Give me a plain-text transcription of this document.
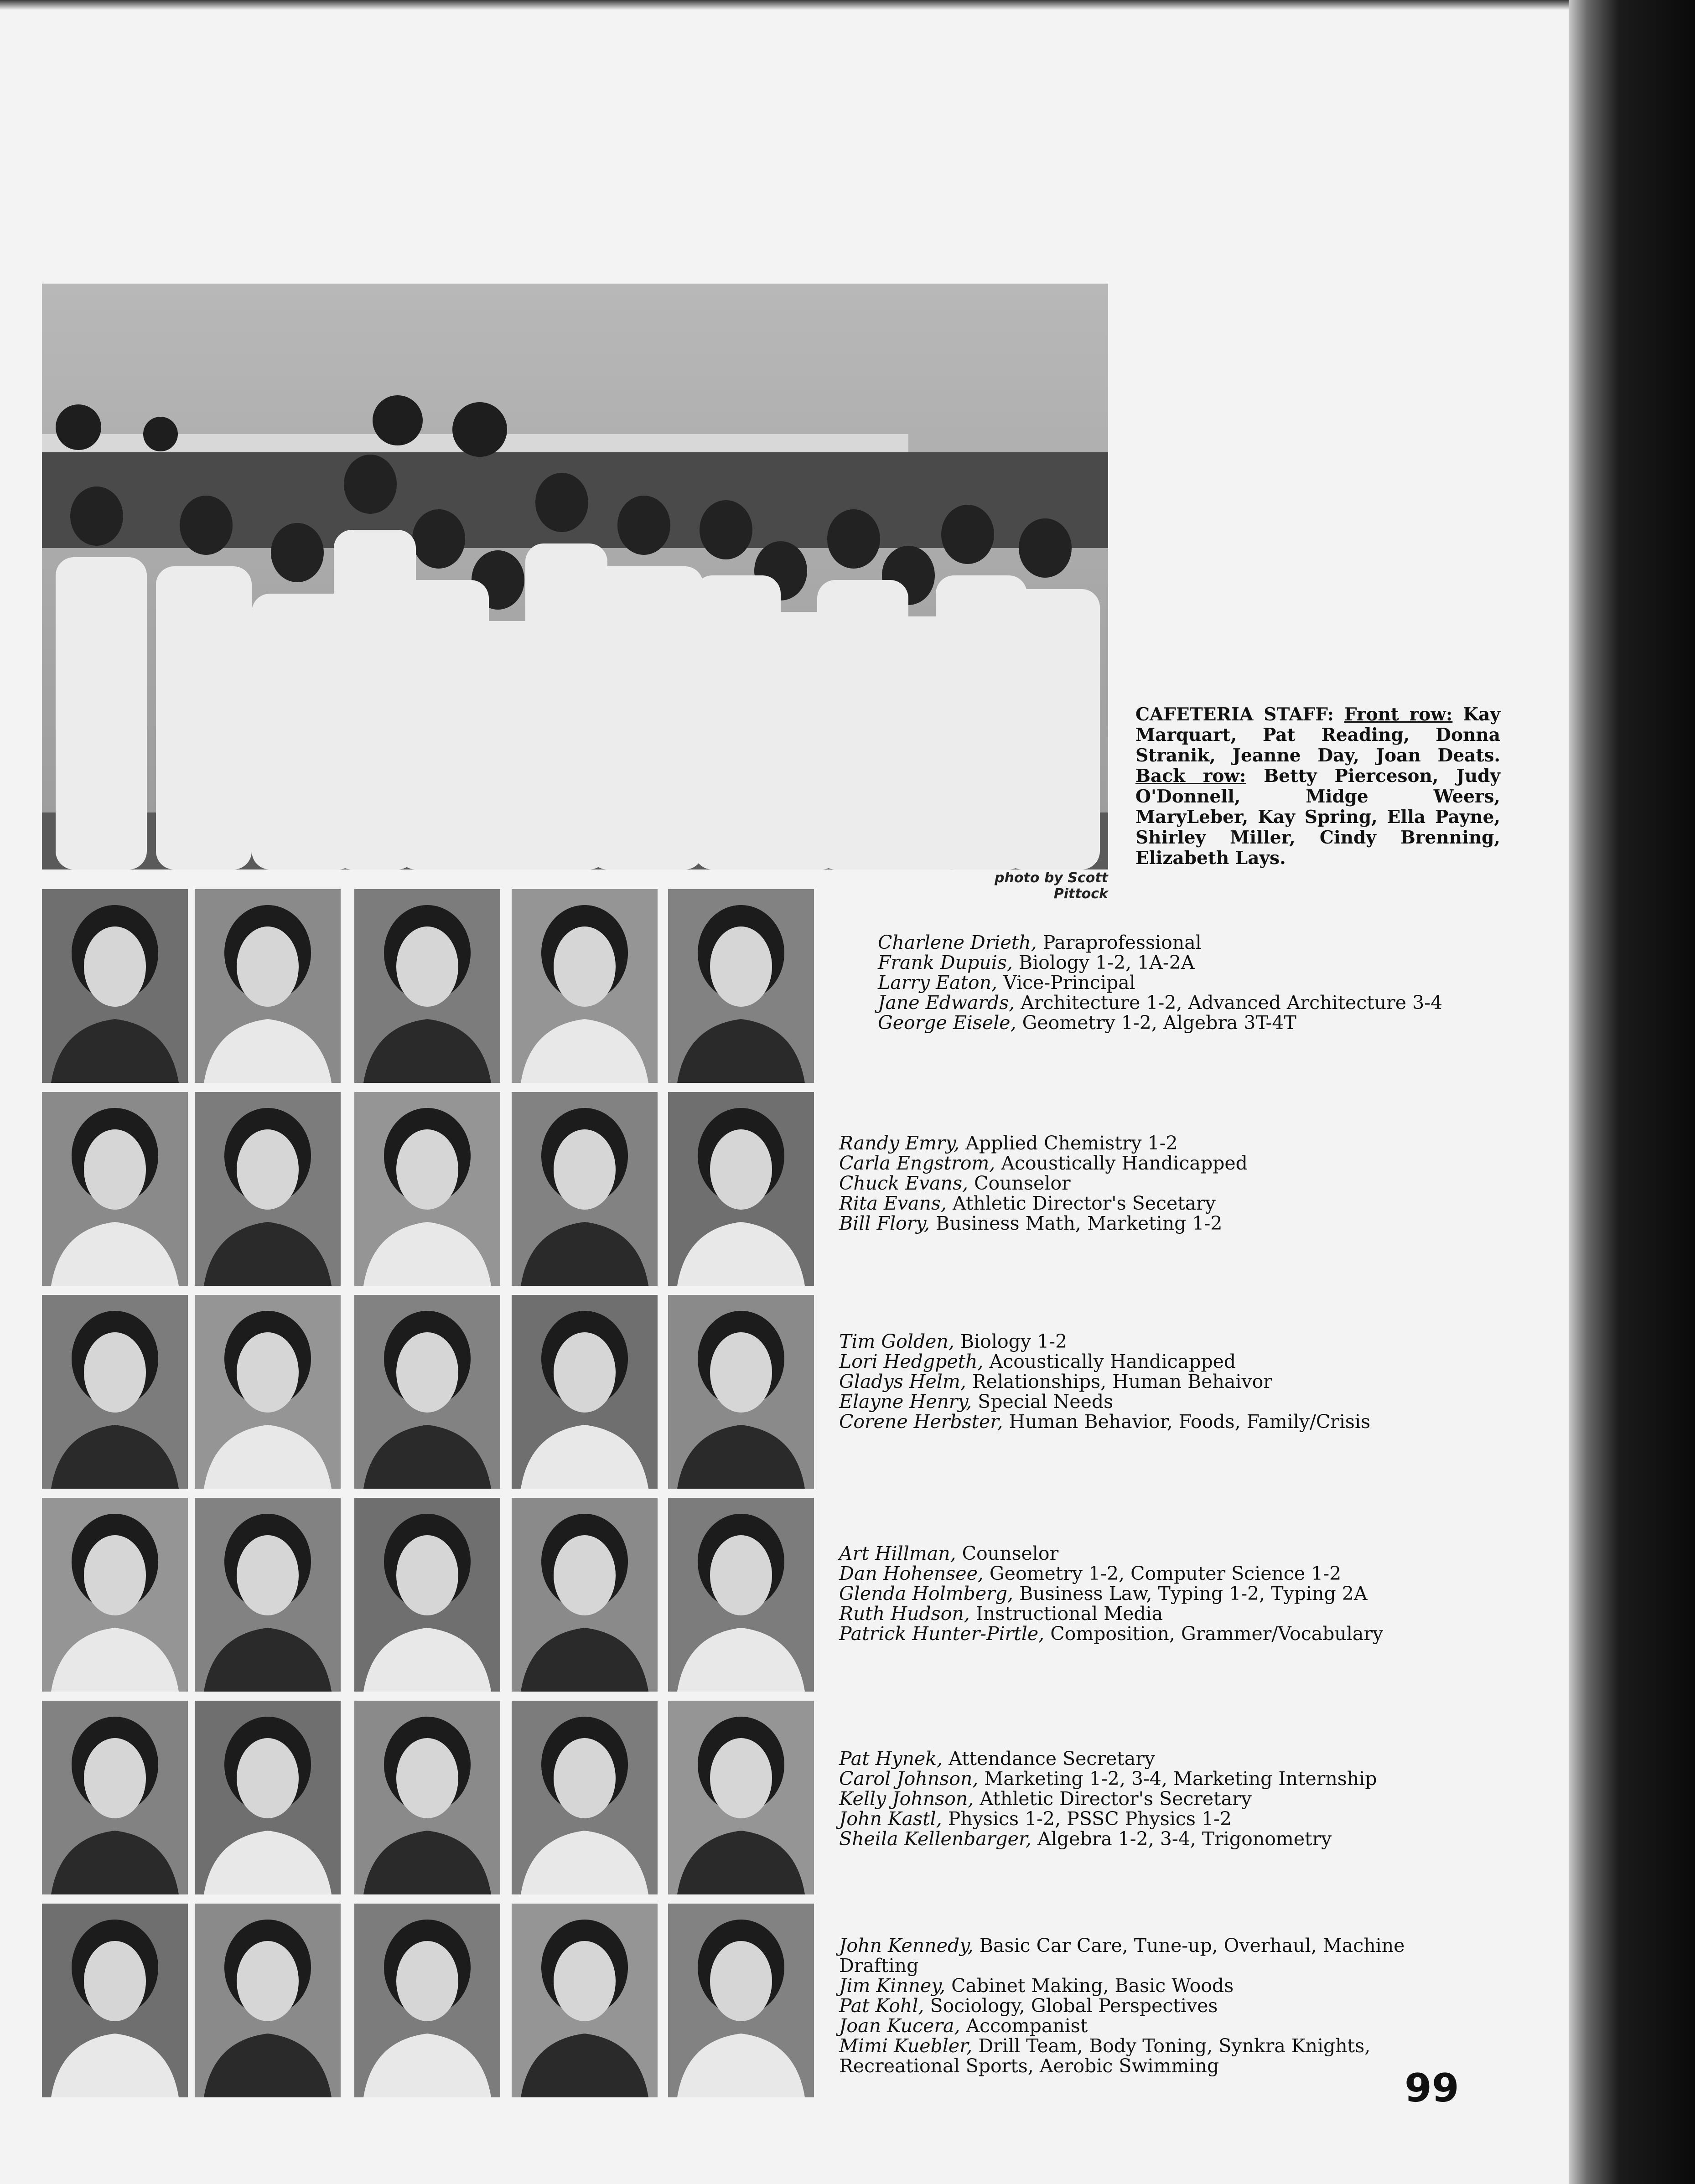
photo by Scott Pittock
CAFETERIA STAFF: Front row: Kay Marquart, Pat Reading, Donna Stranik, Jeanne Day, Joan Deats. Back row: Betty Pierceson, Judy O'Donnell, Midge Weers, MaryLeber, Kay Spring, Ella Payne, Shirley Miller, Cindy Brenning, Elizabeth Lays.
Charlene Drieth, Paraprofessional
Frank Dupuis, Biology 1-2, 1A-2A
Larry Eaton, Vice-Principal
Jane Edwards, Architecture 1-2, Advanced Architecture 3-4
George Eisele, Geometry 1-2, Algebra 3T-4T
Randy Emry, Applied Chemistry 1-2
Carla Engstrom, Acoustically Handicapped
Chuck Evans, Counselor
Rita Evans, Athletic Director's Secetary
Bill Flory, Business Math, Marketing 1-2
Tim Golden, Biology 1-2
Lori Hedgpeth, Acoustically Handicapped
Gladys Helm, Relationships, Human Behaivor
Elayne Henry, Special Needs
Corene Herbster, Human Behavior, Foods, Family/Crisis
Art Hillman, Counselor
Dan Hohensee, Geometry 1-2, Computer Science 1-2
Glenda Holmberg, Business Law, Typing 1-2, Typing 2A
Ruth Hudson, Instructional Media
Patrick Hunter-Pirtle, Composition, Grammer/Vocabulary
Pat Hynek, Attendance Secretary
Carol Johnson, Marketing 1-2, 3-4, Marketing Internship
Kelly Johnson, Athletic Director's Secretary
John Kastl, Physics 1-2, PSSC Physics 1-2
Sheila Kellenbarger, Algebra 1-2, 3-4, Trigonometry
John Kennedy, Basic Car Care, Tune-up, Overhaul, Machine Drafting
Jim Kinney, Cabinet Making, Basic Woods
Pat Kohl, Sociology, Global Perspectives
Joan Kucera, Accompanist
Mimi Kuebler, Drill Team, Body Toning, Synkra Knights, Recreational Sports, Aerobic Swimming	99
